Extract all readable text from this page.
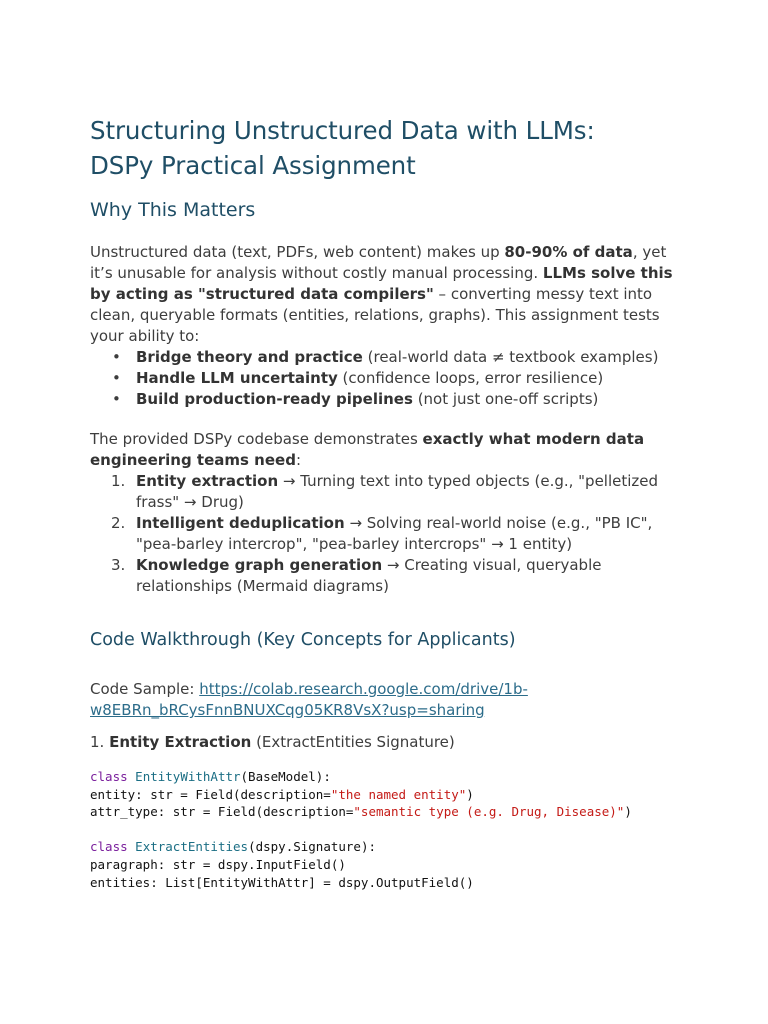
Structuring Unstructured Data with LLMs:
DSPy Practical Assignment
Why This Matters

Unstructured data (text, PDFs, web content) makes up 80-90% of data, yet it’s unusable for analysis without costly manual processing. LLMs solve this by acting as "structured data compilers" – converting messy text into clean, queryable formats (entities, relations, graphs). This assignment tests your ability to:

• Bridge theory and practice (real-world data ≠ textbook examples)
• Handle LLM uncertainty (confidence loops, error resilience)
• Build production-ready pipelines (not just one-off scripts)

The provided DSPy codebase demonstrates exactly what modern data engineering teams need:

1. Entity extraction → Turning text into typed objects (e.g., "pelletized frass" → Drug)
2. Intelligent deduplication → Solving real-world noise (e.g., "PB IC", "pea-barley intercrop", "pea-barley intercrops" → 1 entity)
3. Knowledge graph generation → Creating visual, queryable relationships (Mermaid diagrams)
Code Walkthrough (Key Concepts for Applicants)

Code Sample: https://colab.research.google.com/drive/1b-
w8EBRn_bRCysFnnBNUXCqg05KR8VsX?usp=sharing

1. Entity Extraction (ExtractEntities Signature)

class EntityWithAttr(BaseModel):
entity: str = Field(description="the named entity")
attr_type: str = Field(description="semantic type (e.g. Drug, Disease)")

class ExtractEntities(dspy.Signature):
paragraph: str = dspy.InputField()
entities: List[EntityWithAttr] = dspy.OutputField()
